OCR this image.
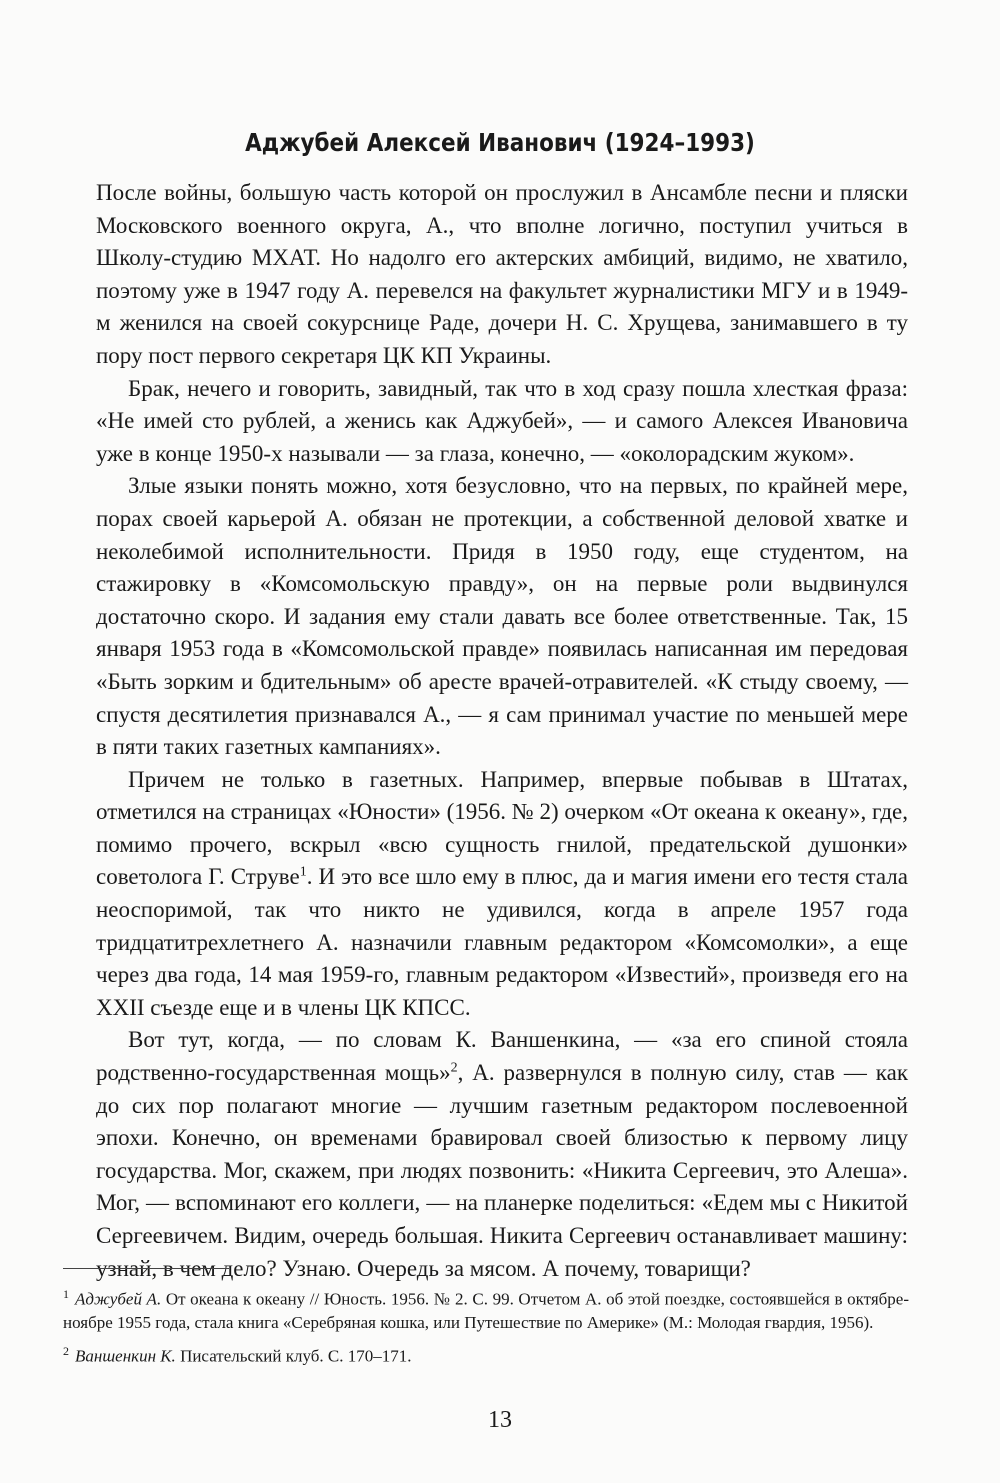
Аджубей Алексей Иванович (1924–1993)

После войны, большую часть которой он прослужил в Ансамбле песни и пляски Московского военного округа, А., что вполне логично, поступил учиться в Школу-студию МХАТ. Но надолго его актерских амбиций, видимо, не хватило, поэтому уже в 1947 году А. перевелся на факультет журналистики МГУ и в 1949-м женился на своей сокурснице Раде, дочери Н. С. Хрущева, занимавшего в ту пору пост первого секретаря ЦК КП Украины.

Брак, нечего и говорить, завидный, так что в ход сразу пошла хлесткая фраза: «Не имей сто рублей, а женись как Аджубей», — и самого Алексея Ивановича уже в конце 1950-х называли — за глаза, конечно, — «околорадским жуком».

Злые языки понять можно, хотя безусловно, что на первых, по крайней мере, порах своей карьерой А. обязан не протекции, а собственной деловой хватке и неколебимой исполнительности. Придя в 1950 году, еще студентом, на стажировку в «Комсомольскую правду», он на первые роли выдвинулся достаточно скоро. И задания ему стали давать все более ответственные. Так, 15 января 1953 года в «Комсомольской правде» появилась написанная им передовая «Быть зорким и бдительным» об аресте врачей-отравителей. «К стыду своему, — спустя десятилетия признавался А., — я сам принимал участие по меньшей мере в пяти таких газетных кампаниях».

Причем не только в газетных. Например, впервые побывав в Штатах, отметился на страницах «Юности» (1956. № 2) очерком «От океана к океану», где, помимо прочего, вскрыл «всю сущность гнилой, предательской душонки» советолога Г. Струве$^1$. И это все шло ему в плюс, да и магия имени его тестя стала неоспоримой, так что никто не удивился, когда в апреле 1957 года тридцатитрехлетнего А. назначили главным редактором «Комсомолки», а еще через два года, 14 мая 1959-го, главным редактором «Известий», произведя его на XXII съезде еще и в члены ЦК КПСС.

Вот тут, когда, — по словам К. Ваншенкина, — «за его спиной стояла родственно-государственная мощь»$^2$, А. развернулся в полную силу, став — как до сих пор полагают многие — лучшим газетным редактором послевоенной эпохи. Конечно, он временами бравировал своей близостью к первому лицу государства. Мог, скажем, при людях позвонить: «Никита Сергеевич, это Алеша». Мог, — вспоминают его коллеги, — на планерке поделиться: «Едем мы с Никитой Сергеевичем. Видим, очередь большая. Никита Сергеевич останавливает машину: узнай, в чем дело? Узнаю. Очередь за мясом. А почему, товарищи?

$^1$ Аджубей А. От океана к океану // Юность. 1956. № 2. С. 99. Отчетом А. об этой поездке, состоявшейся в октябре-ноябре 1955 года, стала книга «Серебряная кошка, или Путешествие по Америке» (М.: Молодая гвардия, 1956).

$^2$ Ваншенкин К. Писательский клуб. С. 170–171.

13
